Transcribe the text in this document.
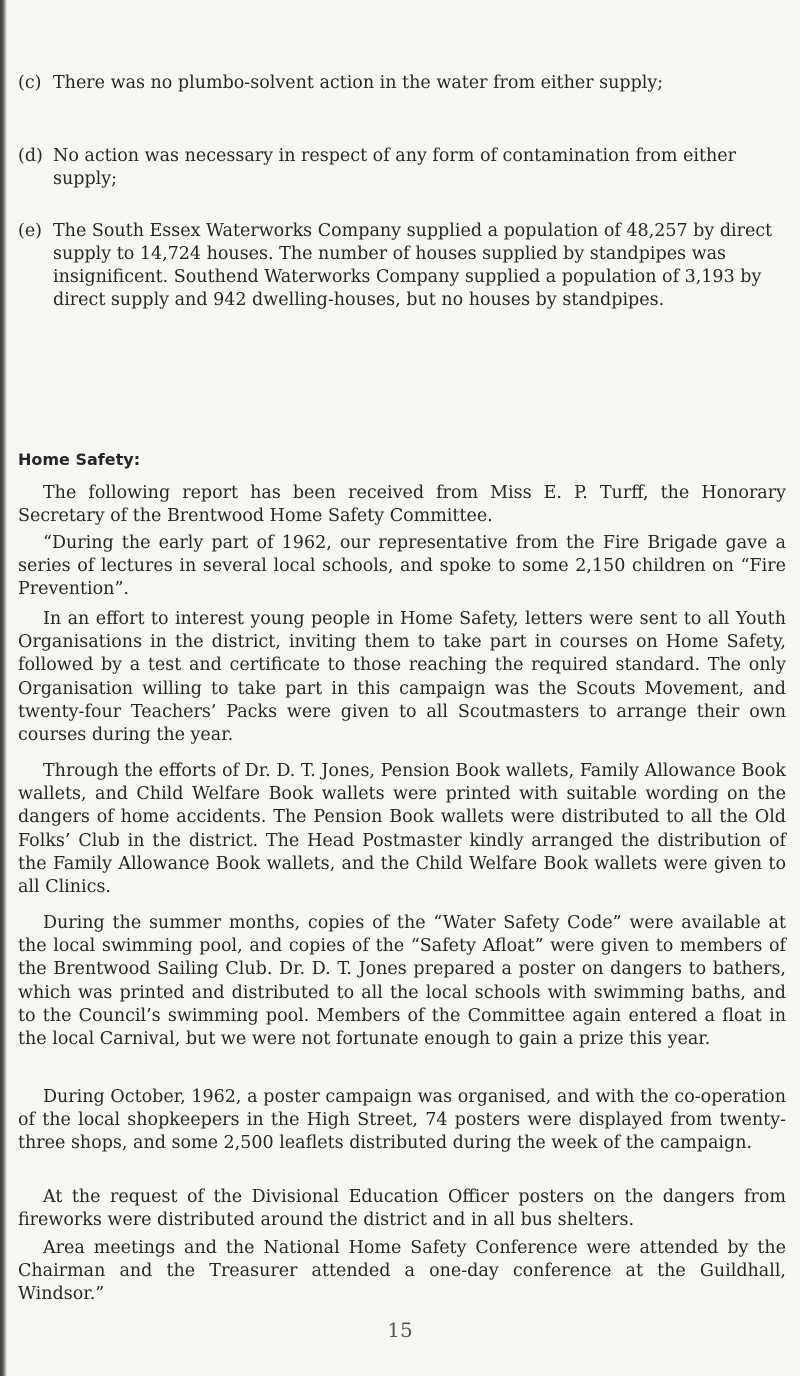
(c) There was no plumbo-solvent action in the water from either supply;
(d) No action was necessary in respect of any form of contamination from either supply;
(e) The South Essex Waterworks Company supplied a population of 48,257 by direct supply to 14,724 houses. The number of houses supplied by standpipes was insignificent. Southend Waterworks Company supplied a population of 3,193 by direct supply and 942 dwelling-houses, but no houses by standpipes.
Home Safety:

The following report has been received from Miss E. P. Turff, the Honorary Secretary of the Brentwood Home Safety Committee.

“During the early part of 1962, our representative from the Fire Brigade gave a series of lectures in several local schools, and spoke to some 2,150 children on “Fire Prevention”.

In an effort to interest young people in Home Safety, letters were sent to all Youth Organisations in the district, inviting them to take part in courses on Home Safety, followed by a test and certificate to those reaching the required standard. The only Organisation willing to take part in this campaign was the Scouts Movement, and twenty-four Teachers’ Packs were given to all Scoutmasters to arrange their own courses during the year.

Through the efforts of Dr. D. T. Jones, Pension Book wallets, Family Allowance Book wallets, and Child Welfare Book wallets were printed with suitable wording on the dangers of home accidents. The Pension Book wallets were distributed to all the Old Folks’ Club in the district. The Head Postmaster kindly arranged the distribution of the Family Allowance Book wallets, and the Child Welfare Book wallets were given to all Clinics.

During the summer months, copies of the “Water Safety Code” were available at the local swimming pool, and copies of the “Safety Afloat” were given to members of the Brentwood Sailing Club. Dr. D. T. Jones prepared a poster on dangers to bathers, which was printed and distributed to all the local schools with swimming baths, and to the Council’s swimming pool. Members of the Committee again entered a float in the local Carnival, but we were not fortunate enough to gain a prize this year.

During October, 1962, a poster campaign was organised, and with the co-operation of the local shopkeepers in the High Street, 74 posters were displayed from twenty-three shops, and some 2,500 leaflets distributed during the week of the campaign.

At the request of the Divisional Education Officer posters on the dangers from fireworks were distributed around the district and in all bus shelters.

Area meetings and the National Home Safety Conference were attended by the Chairman and the Treasurer attended a one-day conference at the Guildhall, Windsor.”

15
